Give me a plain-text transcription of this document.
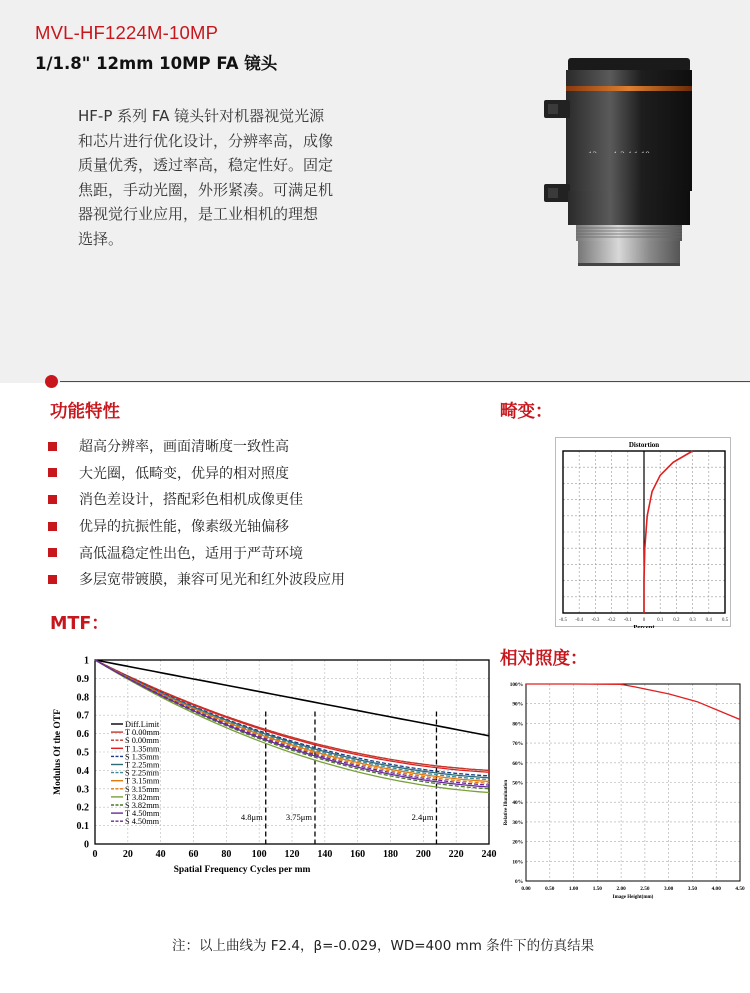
MVL-HF1224M-10MP
1/1.8" 12mm 10MP FA 镜头
HF-P 系列 FA 镜头针对机器视觉光源
和芯片进行优化设计，分辨率高，成像
质量优秀，透过率高，稳定性好。固定
焦距，手动光圈，外形紧凑。可满足机
器视觉行业应用，是工业相机的理想
选择。
功能特性
超高分辨率，画面清晰度一致性高
大光圈，低畸变，优异的相对照度
消色差设计，搭配彩色相机成像更佳
优异的抗振性能，像素级光轴偏移
高低温稳定性出色，适用于严苛环境
多层宽带镀膜，兼容可见光和红外波段应用
畸变：
Distortion
-0.5 -0.4 -0.3 -0.2 -0.1 0 0.1 0.2 0.3 0.4 0.5
Percent
MTF：
0	20 40 60 80 100 120 140 160 180 200 220 240
0
0.1
0.2
0.3
0.4
0.5
0.6
0.7
0.8
0.9
1
Spatial Frequency Cycles per mm
Modulus Of the OTF
4.8μm	3.75μm	2.4μm
Diff.Limit
T 0.00mm
S 0.00mm
T 1.35mm
S 1.35mm
T 2.25mm
S 2.25mm
T 3.15mm
S 3.15mm
T 3.82mm
S 3.82mm
T 4.50mm
S 4.50mm
相对照度：
0%
10%
20%
30%
40%
50%
60%
70%
80%
90%
100%
0.00	0.50	1.00	1.50	2.00	2.50	3.00	3.50	4.00	4.50
Image Height(mm)
Relative Illumination
注：以上曲线为 F2.4，β=-0.029，WD=400 mm 条件下的仿真结果
